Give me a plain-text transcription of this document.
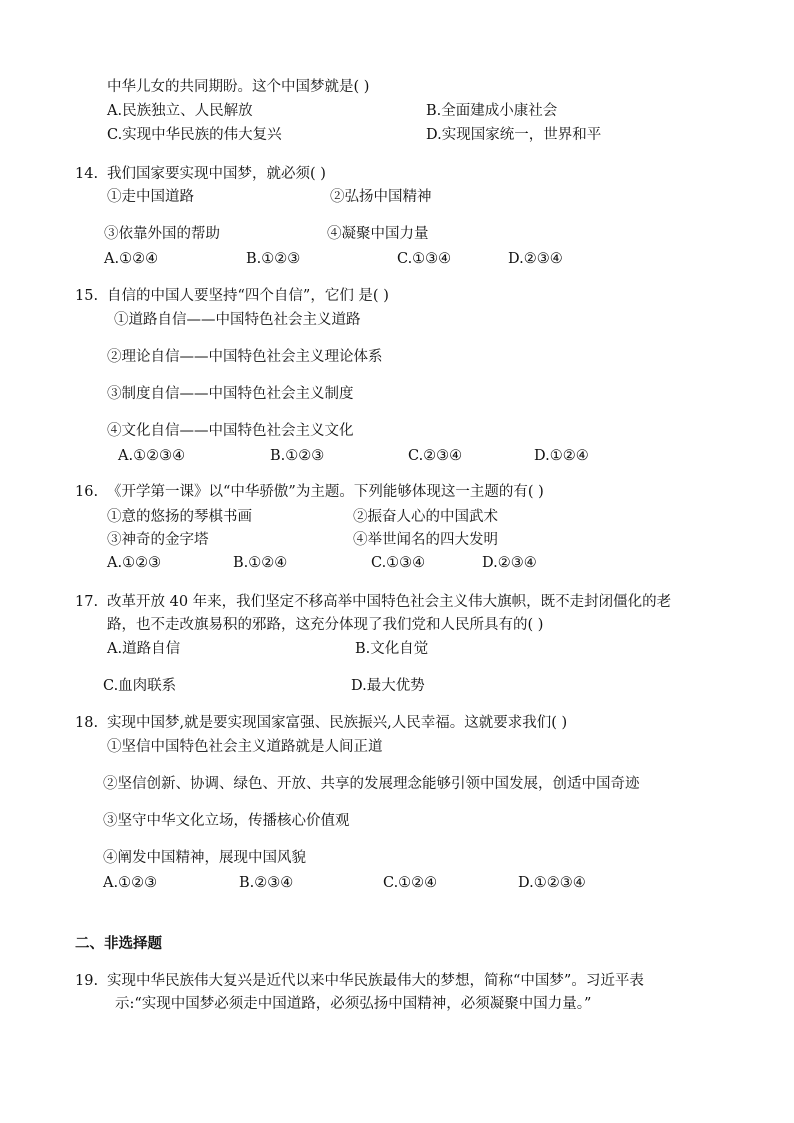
中华儿女的共同期盼。这个中国梦就是( )
A.民族独立、人民解放	B.全面建成小康社会
C.实现中华民族的伟大复兴	D.实现国家统一，世界和平
14. 我们国家要实现中国梦，就必须( )
①走中国道路	②弘扬中国精神
③依靠外国的帮助	④凝聚中国力量
A.①②④	B.①②③	C.①③④	D.②③④
15. 自信的中国人要坚持“四个自信”，它们 是( )
①道路自信——中国特色社会主义道路
②理论自信——中国特色社会主义理论体系
③制度自信——中国特色社会主义制度
④文化自信——中国特色社会主义文化
A.①②③④	B.①②③	C.②③④	D.①②④
16. 《开学第一课》以“中华骄傲”为主题。下列能够体现这一主题的有( )
①意的悠扬的琴棋书画	②振奋人心的中国武术
③神奇的金字塔	④举世闻名的四大发明
A.①②③	B.①②④	C.①③④	D.②③④
17. 改革开放 40 年来，我们坚定不移高举中国特色社会主义伟大旗帜，既不走封闭僵化的老
路，也不走改旗易积的邪路，这充分体现了我们党和人民所具有的( )
A.道路自信	B.文化自觉
C.血肉联系	D.最大优势
18. 实现中国梦,就是要实现国家富强、民族振兴,人民幸福。这就要求我们( )
①坚信中国特色社会主义道路就是人间正道
②坚信创新、协调、绿色、开放、共享的发展理念能够引领中国发展，创适中国奇迹
③坚守中华文化立场，传播核心价值观
④阐发中国精神，展现中国风貌
A.①②③	B.②③④	C.①②④	D.①②③④
二、非选择题
19. 实现中华民族伟大复兴是近代以来中华民族最伟大的梦想，简称“中国梦”。习近平表
示:“实现中国梦必须走中国道路，必须弘扬中国精神，必须凝聚中国力量。”
